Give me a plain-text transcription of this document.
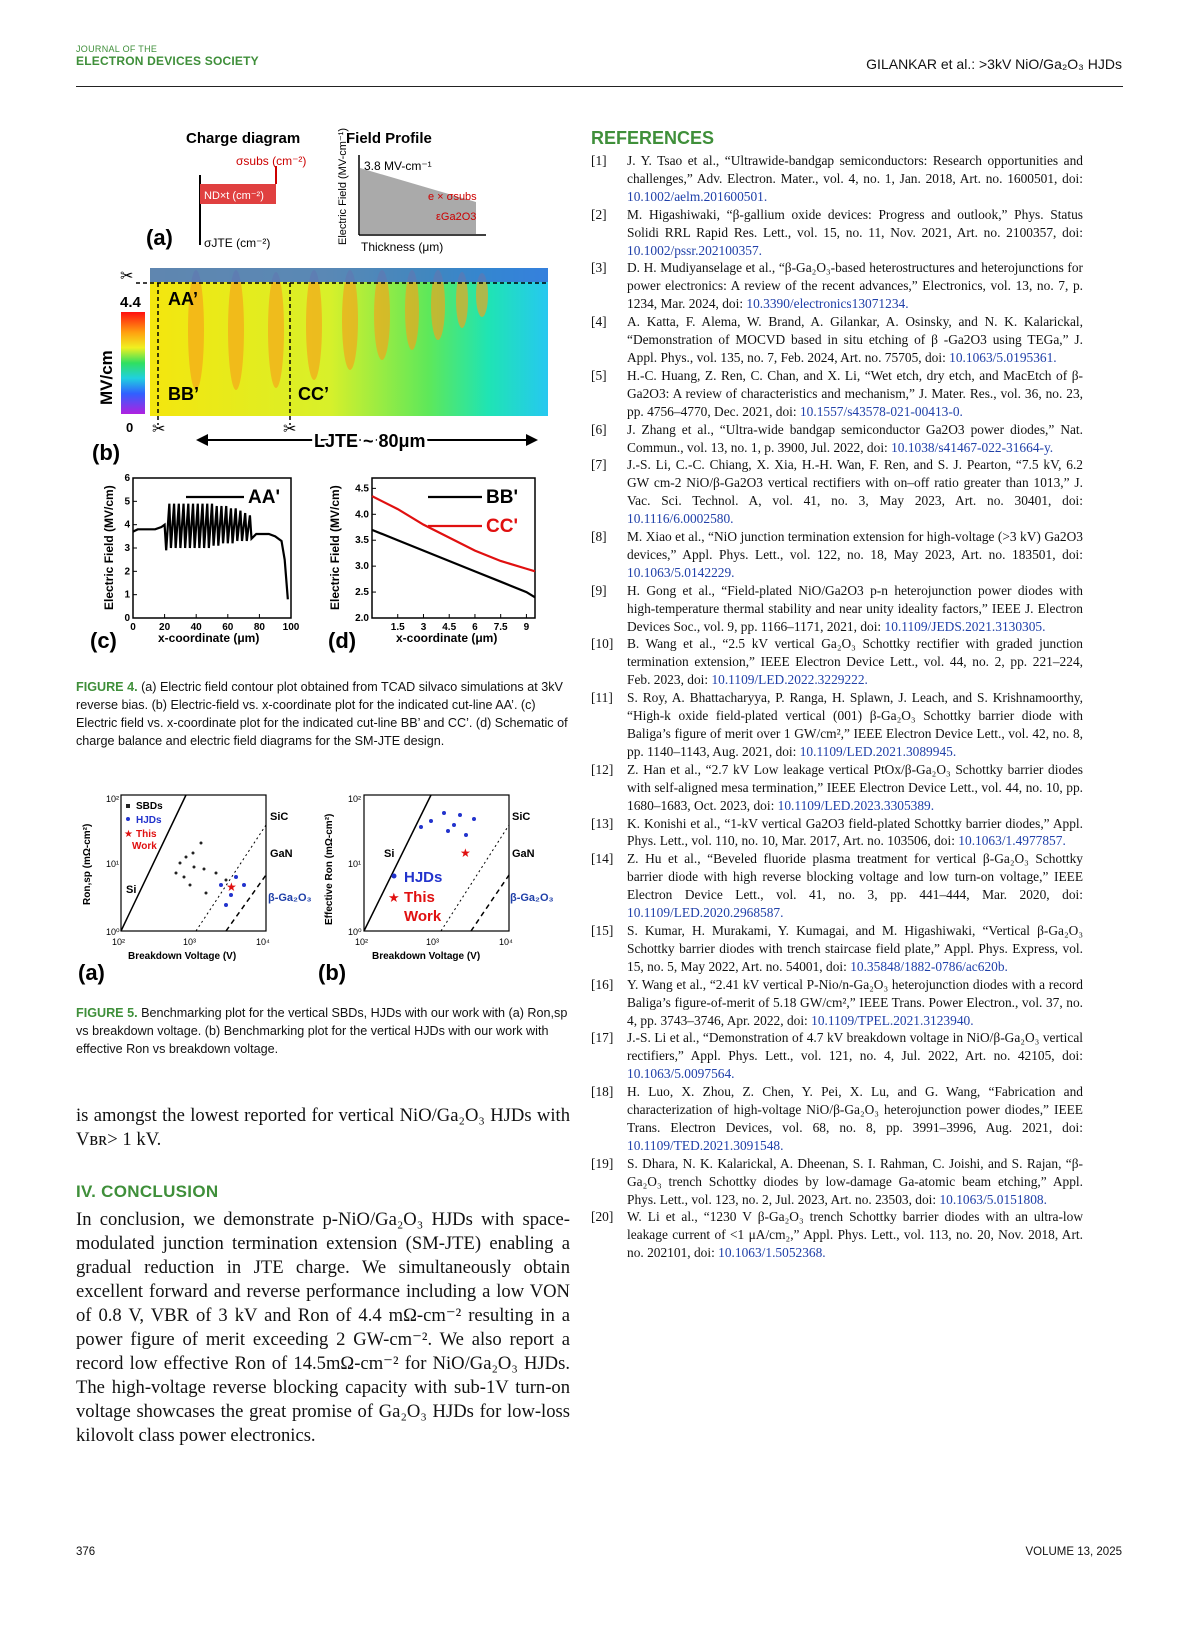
JOURNAL OF THE
ELECTRON DEVICES SOCIETY	GILANKAR et al.: >3kV NiO/Ga₂O₃ HJDs
Charge diagram	Field Profile
ND×t (cm⁻²)
σsubs (cm⁻²)
σJTE (cm⁻²)
(a)
3.8 MV-cm⁻¹
Electric Field (MV-cm⁻¹)
Thickness (μm)
e × σsubs
εGa2O3
AA’
BB’	CC’
4.4
0
MV/cm
✂
✂	✂
LJTE ~ 80μm
(b)
0 20 40 60 80 100
0
1
2
3
4
5
6
1.5 3 4.5 6 7.5 9
2.0
2.5
3.0
3.5
4.0
4.5
(c)	(d)
x-coordinate (μm)	x-coordinate (μm)
Electric Field (MV/cm)	Electric Field (MV/cm)
AA'	BB'
CC'
FIGURE 4. (a) Electric field contour plot obtained from TCAD silvaco simulations at 3kV reverse bias. (b) Electric-field vs. x-coordinate plot for the indicated cut-line AA’. (c) Electric field vs. x-coordinate plot for the indicated cut-line BB’ and CC’. (d) Schematic of charge balance and electric field diagrams for the SM-JTE design.
★
SBDs
HJDs
★ This
Work
SiC
GaN
Si
β-Ga₂O₃
10²
10¹
10⁰
10²	10³	10⁴
Breakdown Voltage (V)
Ron,sp (mΩ-cm²)
(a)
★
HJDs
★ This
Work
SiC
GaN
Si
β-Ga₂O₃
10²
10¹
10⁰
10²	10³	10⁴
Breakdown Voltage (V)
Effective Ron (mΩ-cm²)
(b)
FIGURE 5. Benchmarking plot for the vertical SBDs, HJDs with our work with (a) Ron,sp vs breakdown voltage. (b) Benchmarking plot for the vertical HJDs with our work with effective Ron vs breakdown voltage.
is amongst the lowest reported for vertical NiO/Ga₂O₃ HJDs with Vʙʀ> 1 kV.
IV. CONCLUSION
In conclusion, we demonstrate p-NiO/Ga₂O₃ HJDs with space-modulated junction termination extension (SM-JTE) enabling a gradual reduction in JTE charge. We simultaneously obtain excellent forward and reverse performance including a low VON of 0.8 V, VBR of 3 kV and Ron of 4.4 mΩ-cm⁻² resulting in a power figure of merit exceeding 2 GW-cm⁻². We also report a record low effective Ron of 14.5mΩ-cm⁻² for NiO/Ga₂O₃ HJDs. The high-voltage reverse blocking capacity with sub-1V turn-on voltage showcases the great promise of Ga₂O₃ HJDs for low-loss kilovolt class power electronics.
REFERENCES
[1]	J. Y. Tsao et al., “Ultrawide-bandgap semiconductors: Research opportunities and challenges,” Adv. Electron. Mater., vol. 4, no. 1, Jan. 2018, Art. no. 1600501, doi: 10.1002/aelm.201600501.
[2]	M. Higashiwaki, “β-gallium oxide devices: Progress and outlook,” Phys. Status Solidi RRL Rapid Res. Lett., vol. 15, no. 11, Nov. 2021, Art. no. 2100357, doi: 10.1002/pssr.202100357.
[3]	D. H. Mudiyanselage et al., “β-Ga₂O₃-based heterostructures and heterojunctions for power electronics: A review of the recent advances,” Electronics, vol. 13, no. 7, p. 1234, Mar. 2024, doi: 10.3390/electronics13071234.
[4]	A. Katta, F. Alema, W. Brand, A. Gilankar, A. Osinsky, and N. K. Kalarickal, “Demonstration of MOCVD based in situ etching of β -Ga2O3 using TEGa,” J. Appl. Phys., vol. 135, no. 7, Feb. 2024, Art. no. 75705, doi: 10.1063/5.0195361.
[5]	H.-C. Huang, Z. Ren, C. Chan, and X. Li, “Wet etch, dry etch, and MacEtch of β-Ga2O3: A review of characteristics and mechanism,” J. Mater. Res., vol. 36, no. 23, pp. 4756–4770, Dec. 2021, doi: 10.1557/s43578-021-00413-0.
[6]	J. Zhang et al., “Ultra-wide bandgap semiconductor Ga2O3 power diodes,” Nat. Commun., vol. 13, no. 1, p. 3900, Jul. 2022, doi: 10.1038/s41467-022-31664-y.
[7]	J.-S. Li, C.-C. Chiang, X. Xia, H.-H. Wan, F. Ren, and S. J. Pearton, “7.5 kV, 6.2 GW cm-2 NiO/β-Ga2O3 vertical rectifiers with on–off ratio greater than 1013,” J. Vac. Sci. Technol. A, vol. 41, no. 3, May 2023, Art. no. 30401, doi: 10.1116/6.0002580.
[8]	M. Xiao et al., “NiO junction termination extension for high-voltage (>3 kV) Ga2O3 devices,” Appl. Phys. Lett., vol. 122, no. 18, May 2023, Art. no. 183501, doi: 10.1063/5.0142229.
[9]	H. Gong et al., “Field-plated NiO/Ga2O3 p-n heterojunction power diodes with high-temperature thermal stability and near unity ideality factors,” IEEE J. Electron Devices Soc., vol. 9, pp. 1166–1171, 2021, doi: 10.1109/JEDS.2021.3130305.
[10]	B. Wang et al., “2.5 kV vertical Ga₂O₃ Schottky rectifier with graded junction termination extension,” IEEE Electron Device Lett., vol. 44, no. 2, pp. 221–224, Feb. 2023, doi: 10.1109/LED.2022.3229222.
[11]	S. Roy, A. Bhattacharyya, P. Ranga, H. Splawn, J. Leach, and S. Krishnamoorthy, “High-k oxide field-plated vertical (001) β-Ga₂O₃ Schottky barrier diode with Baliga’s figure of merit over 1 GW/cm²,” IEEE Electron Device Lett., vol. 42, no. 8, pp. 1140–1143, Aug. 2021, doi: 10.1109/LED.2021.3089945.
[12]	Z. Han et al., “2.7 kV Low leakage vertical PtOx/β-Ga₂O₃ Schottky barrier diodes with self-aligned mesa termination,” IEEE Electron Device Lett., vol. 44, no. 10, pp. 1680–1683, Oct. 2023, doi: 10.1109/LED.2023.3305389.
[13]	K. Konishi et al., “1-kV vertical Ga2O3 field-plated Schottky barrier diodes,” Appl. Phys. Lett., vol. 110, no. 10, Mar. 2017, Art. no. 103506, doi: 10.1063/1.4977857.
[14]	Z. Hu et al., “Beveled fluoride plasma treatment for vertical β-Ga₂O₃ Schottky barrier diode with high reverse blocking voltage and low turn-on voltage,” IEEE Electron Device Lett., vol. 41, no. 3, pp. 441–444, Mar. 2020, doi: 10.1109/LED.2020.2968587.
[15]	S. Kumar, H. Murakami, Y. Kumagai, and M. Higashiwaki, “Vertical β-Ga₂O₃ Schottky barrier diodes with trench staircase field plate,” Appl. Phys. Express, vol. 15, no. 5, May 2022, Art. no. 54001, doi: 10.35848/1882-0786/ac620b.
[16]	Y. Wang et al., “2.41 kV vertical P-Nio/n-Ga₂O₃ heterojunction diodes with a record Baliga’s figure-of-merit of 5.18 GW/cm²,” IEEE Trans. Power Electron., vol. 37, no. 4, pp. 3743–3746, Apr. 2022, doi: 10.1109/TPEL.2021.3123940.
[17]	J.-S. Li et al., “Demonstration of 4.7 kV breakdown voltage in NiO/β-Ga₂O₃ vertical rectifiers,” Appl. Phys. Lett., vol. 121, no. 4, Jul. 2022, Art. no. 42105, doi: 10.1063/5.0097564.
[18]	H. Luo, X. Zhou, Z. Chen, Y. Pei, X. Lu, and G. Wang, “Fabrication and characterization of high-voltage NiO/β-Ga₂O₃ heterojunction power diodes,” IEEE Trans. Electron Devices, vol. 68, no. 8, pp. 3991–3996, Aug. 2021, doi: 10.1109/TED.2021.3091548.
[19]	S. Dhara, N. K. Kalarickal, A. Dheenan, S. I. Rahman, C. Joishi, and S. Rajan, “β-Ga₂O₃ trench Schottky diodes by low-damage Ga-atomic beam etching,” Appl. Phys. Lett., vol. 123, no. 2, Jul. 2023, Art. no. 23503, doi: 10.1063/5.0151808.
[20]	W. Li et al., “1230 V β-Ga₂O₃ trench Schottky barrier diodes with an ultra-low leakage current of <1 μA/cm₂,” Appl. Phys. Lett., vol. 113, no. 20, Nov. 2018, Art. no. 202101, doi: 10.1063/1.5052368.
376	VOLUME 13, 2025
